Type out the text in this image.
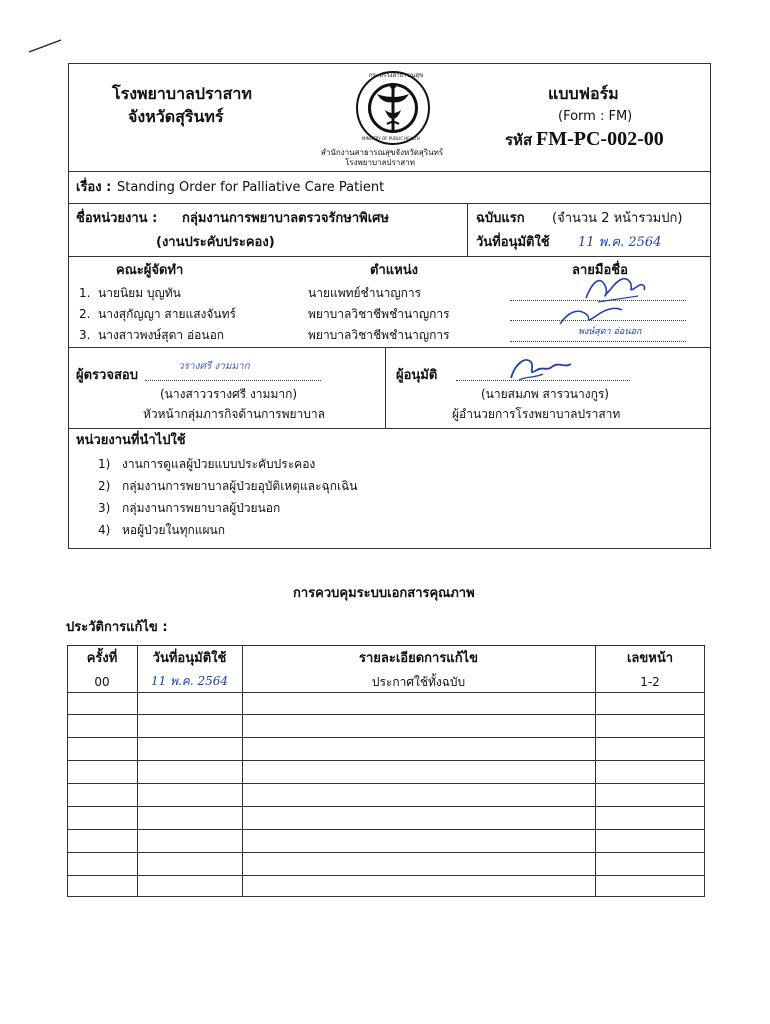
โรงพยาบาลปราสาท
จังหวัดสุรินทร์
กระทรวงสาธารณสุข
MINISTRY OF PUBLIC HEALTH
สำนักงานสาธารณสุขจังหวัดสุรินทร์
โรงพยาบาลปราสาท
แบบฟอร์ม
(Form : FM)
รหัส FM-PC-002-00
เรื่อง : Standing Order for Palliative Care Patient
ชื่อหน่วยงาน : กลุ่มงานการพยาบาลตรวจรักษาพิเศษ
(งานประคับประคอง)
ฉบับแรก (จำนวน 2 หน้ารวมปก)
วันที่อนุมัติใช้ 11 พ.ค. 2564
คณะผู้จัดทำ	ตำแหน่ง	ลายมือชื่อ
1. นายนิยม บุญทัน	นายแพทย์ชำนาญการ
2. นางสุกัญญา สายแสงจันทร์	พยาบาลวิชาชีพชำนาญการ
3. นางสาวพงษ์สุดา อ่อนอก	พยาบาลวิชาชีพชำนาญการ	พงษ์สุดา อ่อนอก
ผู้ตรวจสอบ
วรางศรี งามมาก
(นางสาววรางศรี งามมาก)
หัวหน้ากลุ่มภารกิจด้านการพยาบาล
ผู้อนุมัติ
(นายสมภพ สารวนางกูร)
ผู้อำนวยการโรงพยาบาลปราสาท
หน่วยงานที่นำไปใช้
1) งานการดูแลผู้ป่วยแบบประคับประคอง
2) กลุ่มงานการพยาบาลผู้ป่วยอุบัติเหตุและฉุกเฉิน
3) กลุ่มงานการพยาบาลผู้ป่วยนอก
4) หอผู้ป่วยในทุกแผนก
การควบคุมระบบเอกสารคุณภาพ
ประวัติการแก้ไข :
ครั้งที่	วันที่อนุมัติใช้	รายละเอียดการแก้ไข	เลขหน้า
00	11 พ.ค. 2564	ประกาศใช้ทั้งฉบับ	1-2
